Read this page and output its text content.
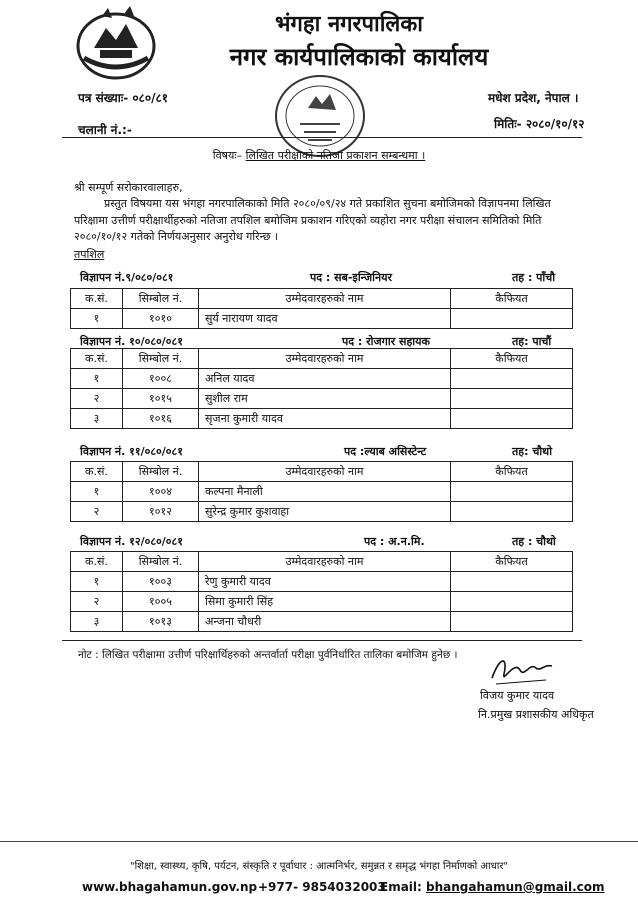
भंगहा नगरपालिका
नगर कार्यपालिकाको कार्यालय
पत्र संख्याः- ०८०/८१
चलानी नं.:-
मधेश प्रदेश, नेपाल ।
मितिः- २०८०/१०/१२
विषयः– लिखित परीक्षाको नतिजा प्रकाशन सम्बन्धमा ।
श्री सम्पूर्ण सरोकारवालाहरु,

प्रस्तुत विषयमा यस भंगहा नगरपालिकाको मिति २०८०/०९/२४ गते प्रकाशित सुचना बमोजिमको विज्ञापनमा लिखित परिक्षामा उत्तीर्ण परीक्षार्थीहरुको नतिजा तपशिल बमोजिम प्रकाशन गरिएको व्यहोरा नगर परीक्षा संचालन समितिको मिति २०८०/१०/१२ गतेको निर्णयअनुसार अनुरोध गरिन्छ ।

तपशिल
विज्ञापन नं.९/०८०/०८१	पद : सब-इन्जिनियर	तह : पाँचौ
क.सं.	सिम्बोल नं.	उम्मेदवारहरुको नाम	कैफियत
१	१०१०	सुर्य नारायण यादव	
विज्ञापन नं. १०/०८०/०८१	पद : रोजगार सहायक	तह: पाचौं
क.सं.	सिम्बोल नं.	उम्मेदवारहरुको नाम	कैफियत
१	१००८	अनिल यादव	
२	१०१५	सुशील राम	
३	१०१६	सृजना कुमारी यादव	
विज्ञापन नं. ११/०८०/०८१	पद :ल्याब असिस्टेन्ट	तह: चौथो
क.सं.	सिम्बोल नं.	उम्मेदवारहरुको नाम	कैफियत
१	१००४	कल्पना मैनाली	
२	१०१२	सुरेन्द्र कुमार कुशवाहा	
विज्ञापन नं. १२/०८०/०८१	पद : अ.न.मि.	तह : चौथो
क.सं.	सिम्बोल नं.	उम्मेदवारहरुको नाम	कैफियत
१	१००३	रेणु कुमारी यादव	
२	१००५	सिमा कुमारी सिंह	
३	१०१३	अन्जना चौधरी	
नोट : लिखित परीक्षामा उत्तीर्ण परिक्षार्थिहरुको अन्तर्वार्ता परीक्षा पुर्वनिर्धारित तालिका बमोजिम हुनेछ ।
विजय कुमार यादव
नि.प्रमुख प्रशासकीय अधिकृत
"शिक्षा, स्वास्थ्य, कृषि, पर्यटन, संस्कृति र पूर्वाधार : आत्मनिर्भर, समुन्नत र समृद्ध भंगहा निर्माणको आधार"
www.bhagahamun.gov.np +977- 9854032003
Email: bhangahamun@gmail.com
